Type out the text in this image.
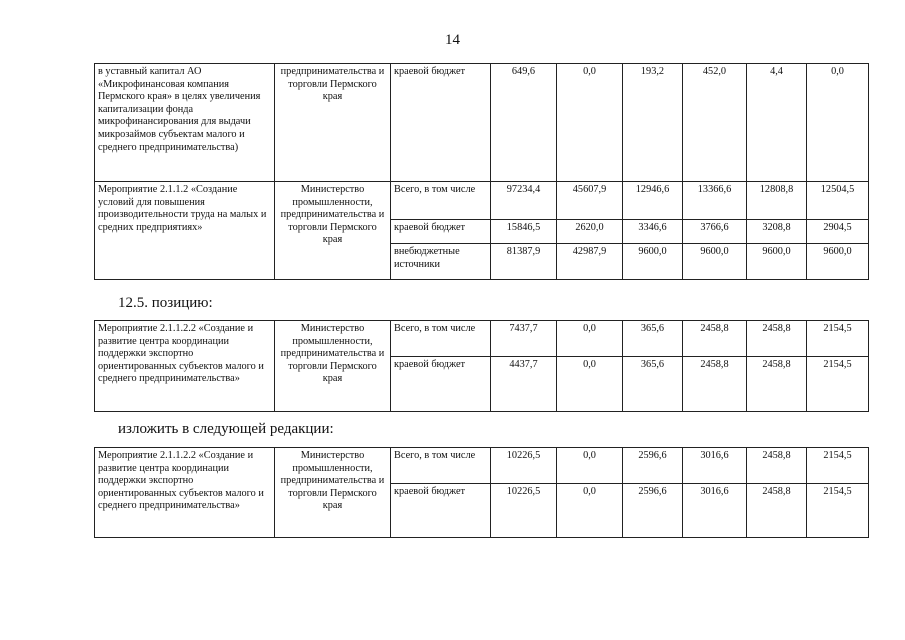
14
в уставный капитал АО «Микрофинансовая компания Пермского края» в целях увеличения капитализации фонда микрофинансирования для выдачи микрозаймов субъектам малого и среднего предпринимательства)	предпринимательства и торговли Пермского края	краевой бюджет	649,6	0,0	193,2	452,0	4,4	0,0
Мероприятие 2.1.1.2 «Создание условий для повышения производительности труда на малых и средних предприятиях»	Министерство промышленности, предпринимательства и торговли Пермского края	Всего, в том числе	97234,4	45607,9	12946,6	13366,6	12808,8	12504,5
		краевой бюджет	15846,5	2620,0	3346,6	3766,6	3208,8	2904,5
		внебюджетные источники	81387,9	42987,9	9600,0	9600,0	9600,0	9600,0
12.5. позицию:
Мероприятие 2.1.1.2.2 «Создание и развитие центра координации поддержки экспортно ориентированных субъектов малого и среднего предпринимательства»	Министерство промышленности, предпринимательства и торговли Пермского края	Всего, в том числе	7437,7	0,0	365,6	2458,8	2458,8	2154,5
		краевой бюджет	4437,7	0,0	365,6	2458,8	2458,8	2154,5
изложить в следующей редакции:
Мероприятие 2.1.1.2.2 «Создание и развитие центра координации поддержки экспортно ориентированных субъектов малого и среднего предпринимательства»	Министерство промышленности, предпринимательства и торговли Пермского края	Всего, в том числе	10226,5	0,0	2596,6	3016,6	2458,8	2154,5
		краевой бюджет	10226,5	0,0	2596,6	3016,6	2458,8	2154,5
